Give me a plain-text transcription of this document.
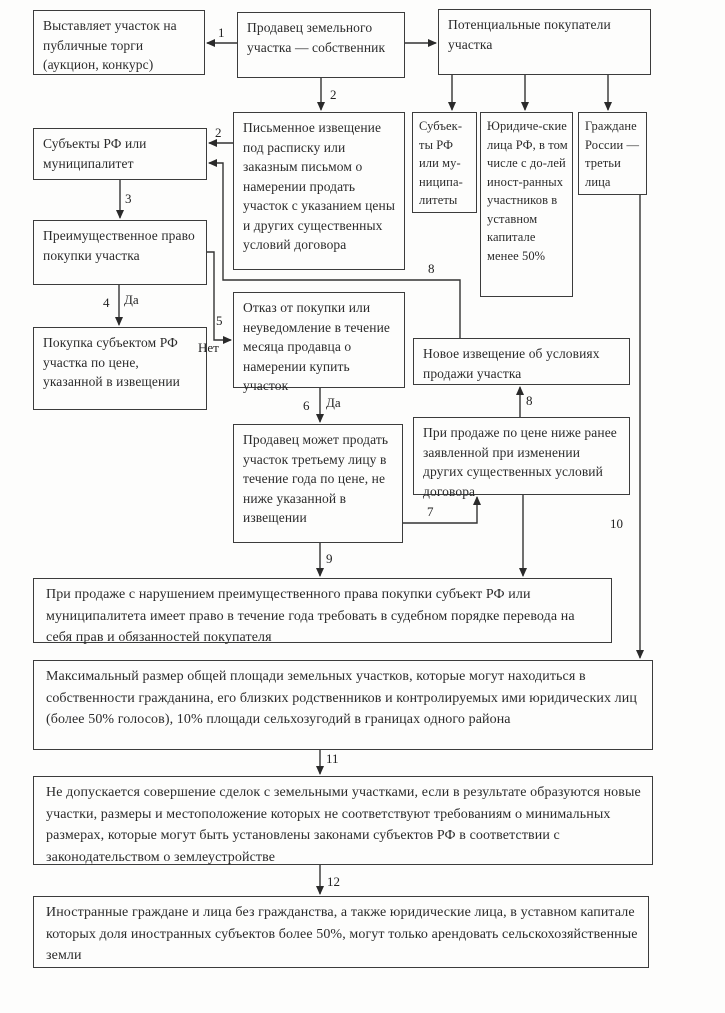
Выставляет участок на публичные торги (аукцион, конкурс)
Продавец земельного участка — собственник
Потенциальные покупатели участка
Субъекты РФ или муниципалитет
Письменное извещение под расписку или заказным письмом о намерении продать участок с указанием цены и других существенных условий договора
Субъек-ты РФ или му-ниципа-литеты
Юридиче-ские лица РФ, в том числе с до-лей иност-ранных участников в уставном капитале менее 50%
Граждане России — третьи лица
Преимущественное право покупки участка
Покупка субъектом РФ участка по цене, указанной в извещении
Отказ от покупки или неуведомление в течение месяца продавца о намерении купить участок
Новое извещение об условиях продажи участка
При продаже по цене ниже ранее заявленной при изменении других существенных условий договора
Продавец может продать участок третьему лицу в течение года по цене, не ниже указанной в извещении
При продаже с нарушением преимущественного права покупки субъект РФ или муниципалитета имеет право в течение года требовать в судебном порядке перевода на себя прав и обязанностей покупателя
Максимальный размер общей площади земельных участков, которые могут находиться в собственности гражданина, его близких родственников и контролируемых ими юридических лиц (более 50% голосов), 10% площади сельхозугодий в границах одного района
Не допускается совершение сделок с земельными участками, если в результате образуются новые участки, размеры и местоположение которых не соответствуют требованиям о минимальных размерах, которые могут быть установлены законами субъектов РФ в соответствии с законодательством о землеустройстве
Иностранные граждане и лица без гражданства, а также юридические лица, в уставном капитале которых доля иностранных субъектов более 50%, могут только арендовать сельскохозяйственные земли
1
2
2
3
4 Да
5
Нет
6 Да
7
8
8
9
10
11
12
